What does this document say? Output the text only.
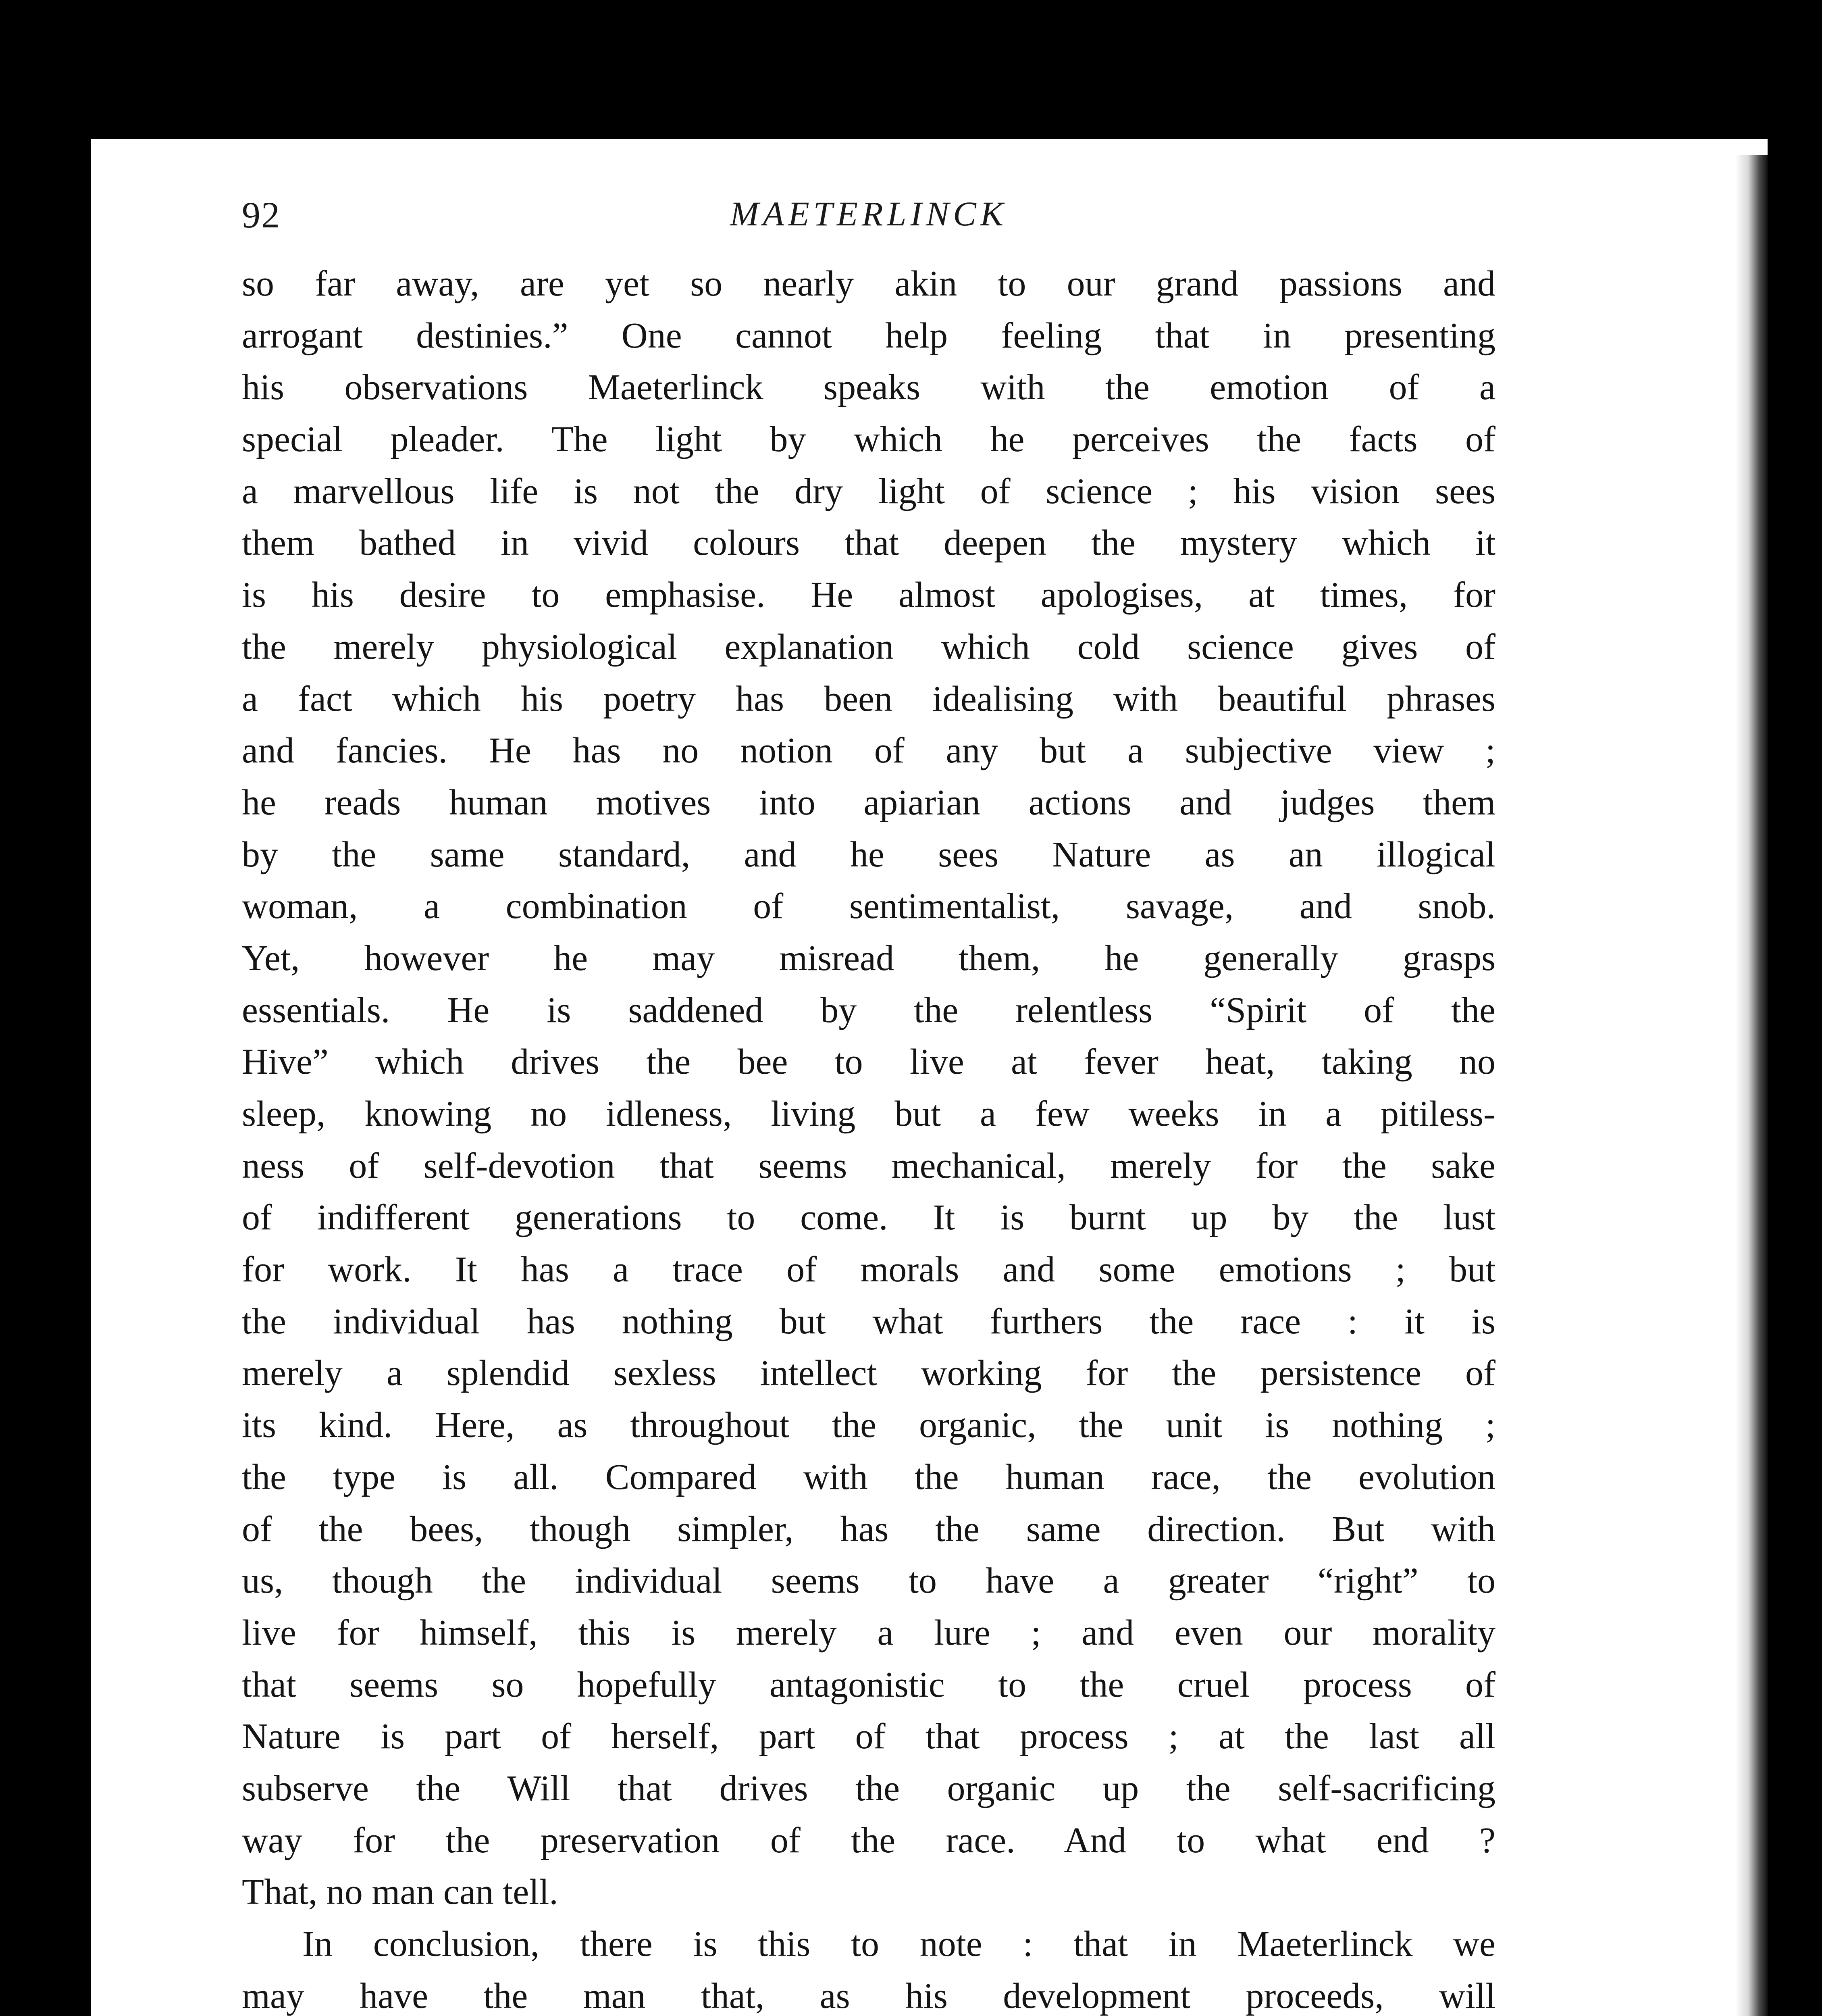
92	MAETERLINCK
so far away, are yet so nearly akin to our grand passions and
arrogant destinies.” One cannot help feeling that in presenting
his observations Maeterlinck speaks with the emotion of a
special pleader. The light by which he perceives the facts of
a marvellous life is not the dry light of science ; his vision sees
them bathed in vivid colours that deepen the mystery which it
is his desire to emphasise. He almost apologises, at times, for
the merely physiological explanation which cold science gives of
a fact which his poetry has been idealising with beautiful phrases
and fancies. He has no notion of any but a subjective view ;
he reads human motives into apiarian actions and judges them
by the same standard, and he sees Nature as an illogical
woman, a combination of sentimentalist, savage, and snob.
Yet, however he may misread them, he generally grasps
essentials. He is saddened by the relentless “Spirit of the
Hive” which drives the bee to live at fever heat, taking no
sleep, knowing no idleness, living but a few weeks in a pitiless-
ness of self-devotion that seems mechanical, merely for the sake
of indifferent generations to come. It is burnt up by the lust
for work. It has a trace of morals and some emotions ; but
the individual has nothing but what furthers the race : it is
merely a splendid sexless intellect working for the persistence of
its kind. Here, as throughout the organic, the unit is nothing ;
the type is all. Compared with the human race, the evolution
of the bees, though simpler, has the same direction. But with
us, though the individual seems to have a greater “right” to
live for himself, this is merely a lure ; and even our morality
that seems so hopefully antagonistic to the cruel process of
Nature is part of herself, part of that process ; at the last all
subserve the Will that drives the organic up the self-sacrificing
way for the preservation of the race. And to what end ?
That, no man can tell.
In conclusion, there is this to note : that in Maeterlinck we
may have the man that, as his development proceeds, will
